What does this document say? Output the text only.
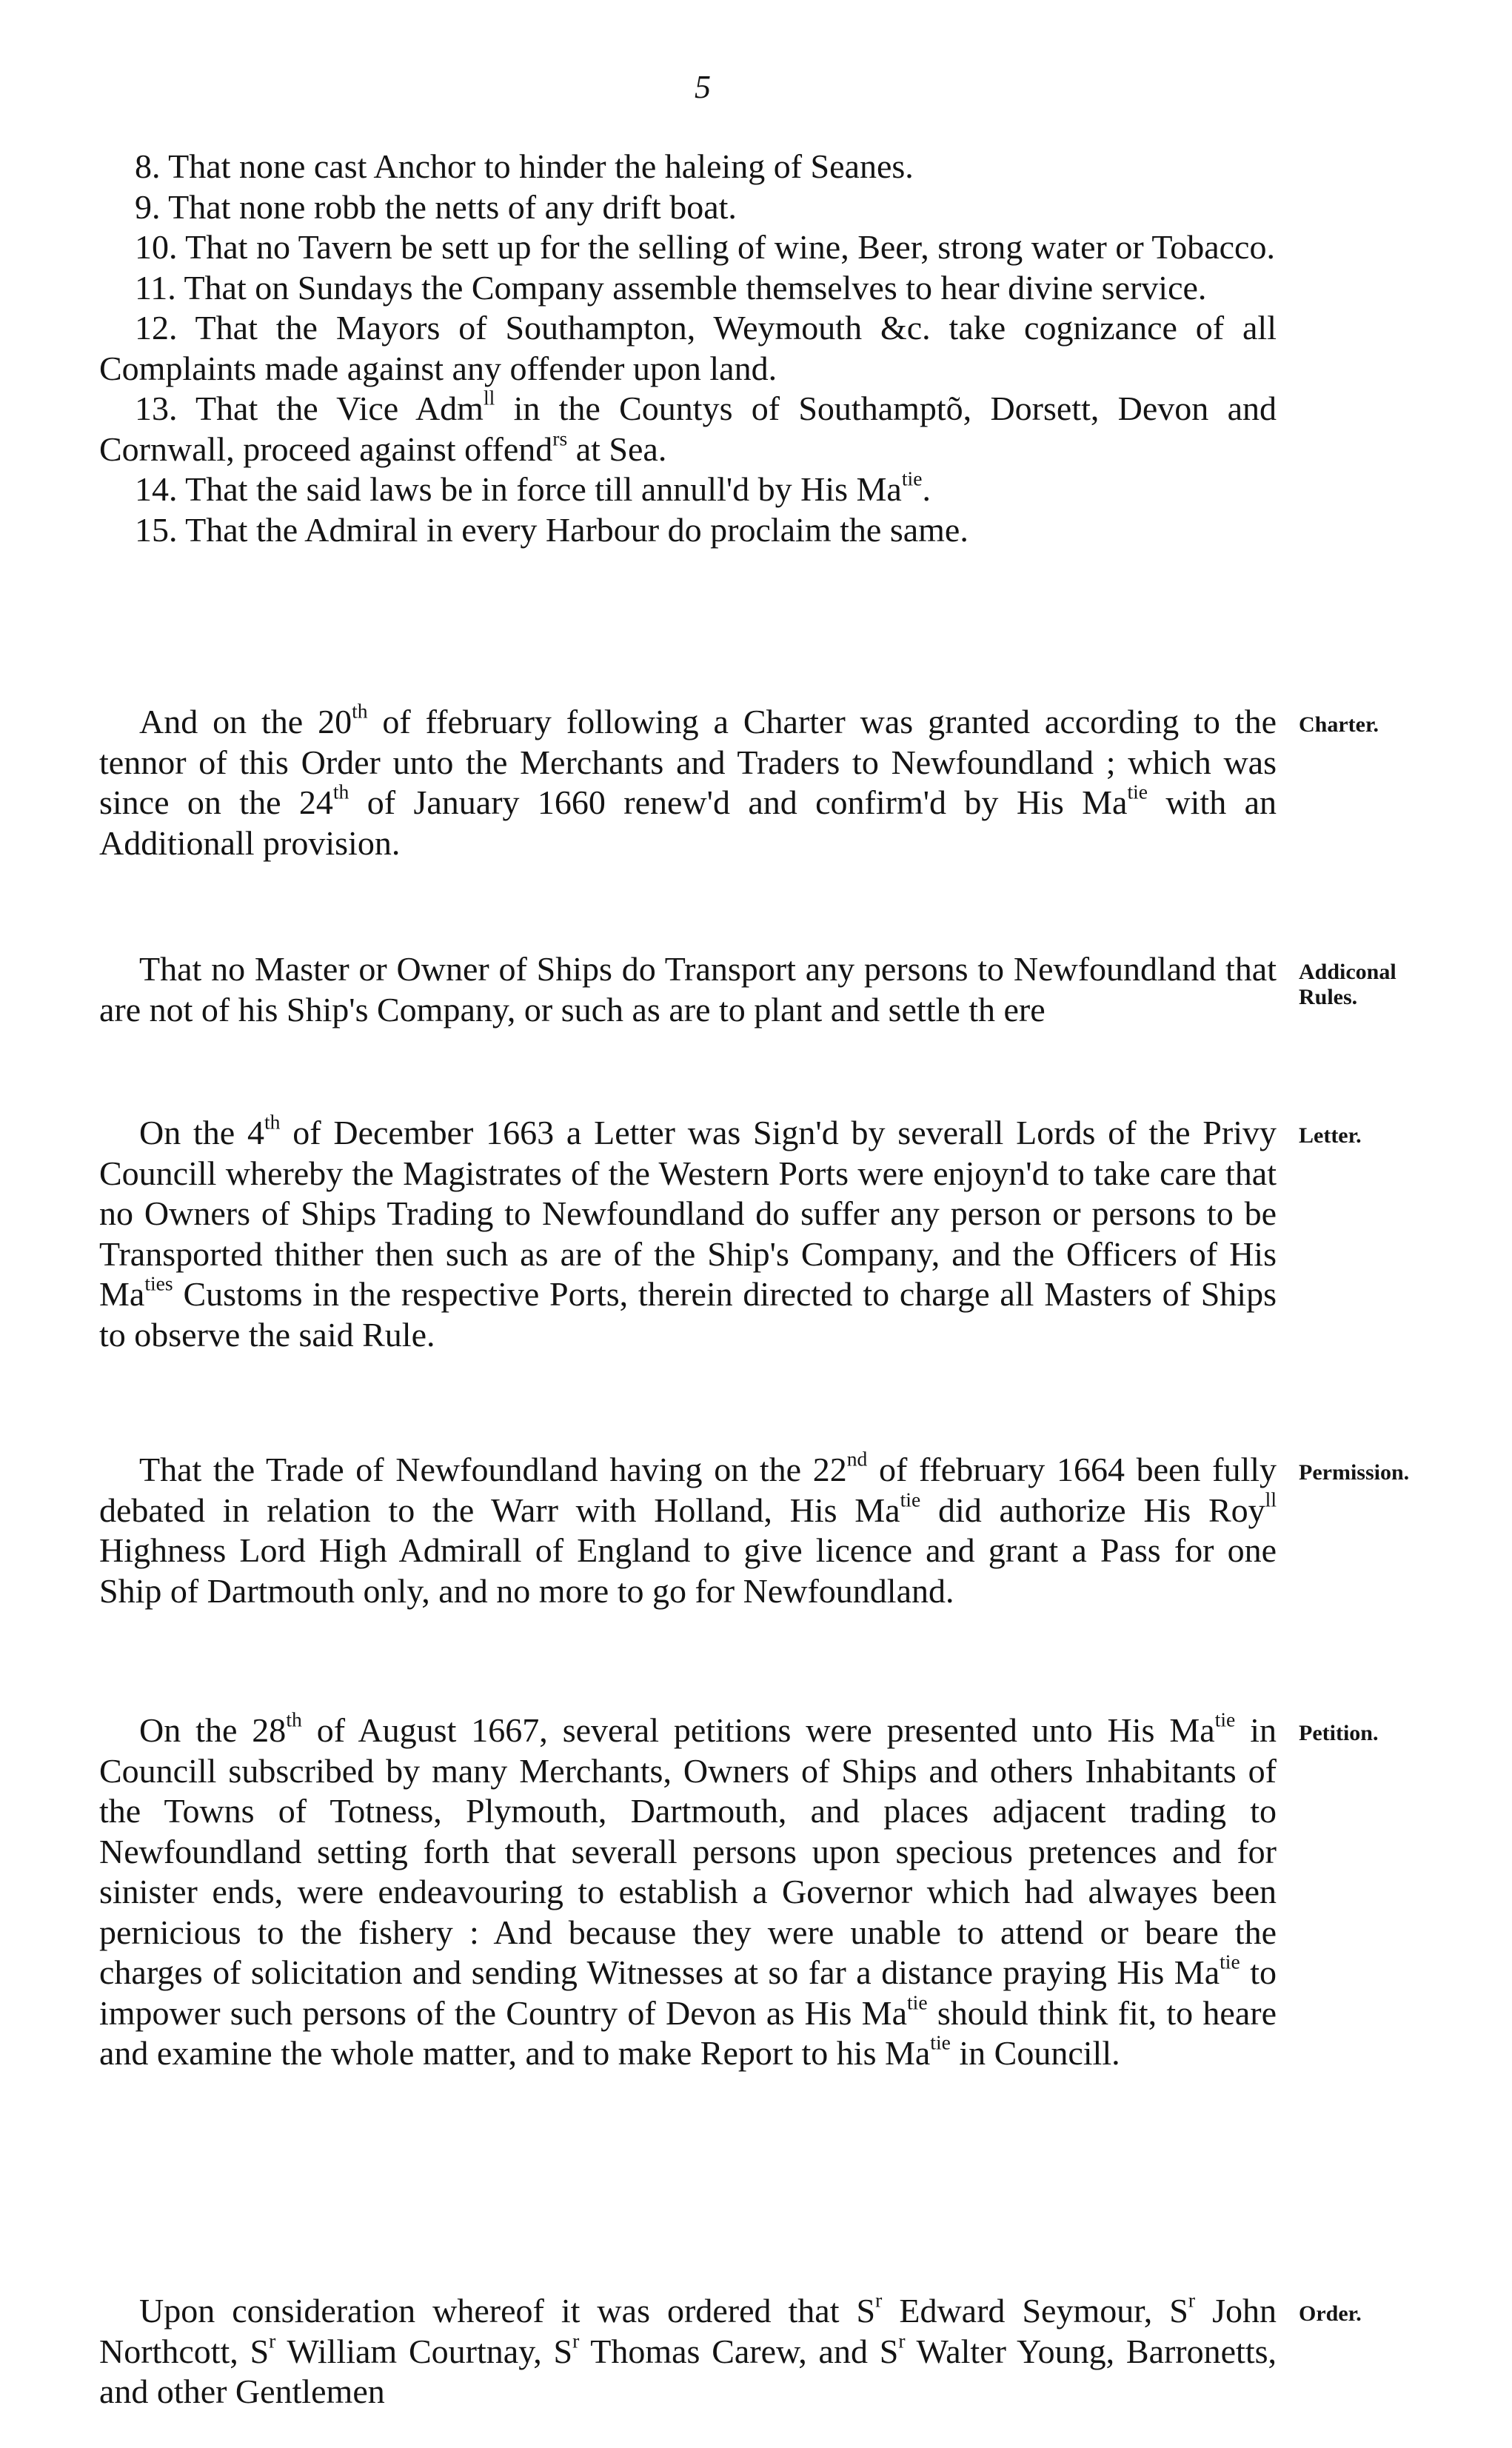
5

8. That none cast Anchor to hinder the haleing of Seanes.

9. That none robb the netts of any drift boat.

10. That no Tavern be sett up for the selling of wine, Beer, strong water or Tobacco.

11. That on Sundays the Company assemble themselves to hear divine service.

12. That the Mayors of Southampton, Weymouth &c. take cognizance of all Complaints made against any offender upon land.

13. That the Vice Adm$^{ll}$ in the Countys of Southamptõ, Dorsett, Devon and Cornwall, proceed against offend$^{rs}$ at Sea.

14. That the said laws be in force till annull'd by His $Ma^{tie}$.

15. That the Admiral in every Harbour do proclaim the same.

And on the 20th of ffebruary following a Charter was granted according to the tennor of this Order unto the Merchants and Traders to Newfoundland ; which was since on the 24th of January 1660 renew'd and confirm'd by His $Ma^{tie}$ with an Additionall provision.

Charter.

That no Master or Owner of Ships do Transport any persons to Newfoundland that are not of his Ship's Company, or such as are to plant and settle th ere

Addiconal
Rules.

On the 4th of December 1663 a Letter was Sign'd by severall Lords of the Privy Councill whereby the Magistrates of the Western Ports were enjoyn'd to take care that no Owners of Ships Trading to Newfoundland do suffer any person or persons to be Transported thither then such as are of the Ship's Company, and the Officers of His $Ma^{ties}$ Customs in the respective Ports, therein directed to charge all Masters of Ships to observe the said Rule.

Letter.

That the Trade of Newfoundland having on the 22nd of ffebruary 1664 been fully debated in relation to the Warr with Holland, His $Ma^{tie}$ did authorize His Roy$^{ll}$ Highness Lord High Admirall of England to give licence and grant a Pass for one Ship of Dartmouth only, and no more to go for Newfoundland.

Permission.

On the 28th of August 1667, several petitions were presented unto His $Ma^{tie}$ in Councill subscribed by many Merchants, Owners of Ships and others Inhabitants of the Towns of Totness, Plymouth, Dartmouth, and places adjacent trading to Newfoundland setting forth that severall persons upon specious pretences and for sinister ends, were endeavouring to establish a Governor which had alwayes been pernicious to the fishery : And because they were unable to attend or beare the charges of solicitation and sending Witnesses at so far a distance praying His $Ma^{tie}$ to impower such persons of the Country of Devon as His $Ma^{tie}$ should think fit, to heare and examine the whole matter, and to make Report to his $Ma^{tie}$ in Councill.

Petition.

Upon consideration whereof it was ordered that $S^r$ Edward Seymour, $S^r$ John Northcott, $S^r$ William Courtnay, $S^r$ Thomas Carew, and $S^r$ Walter Young, Barronetts, and other Gentlemen

Order.
